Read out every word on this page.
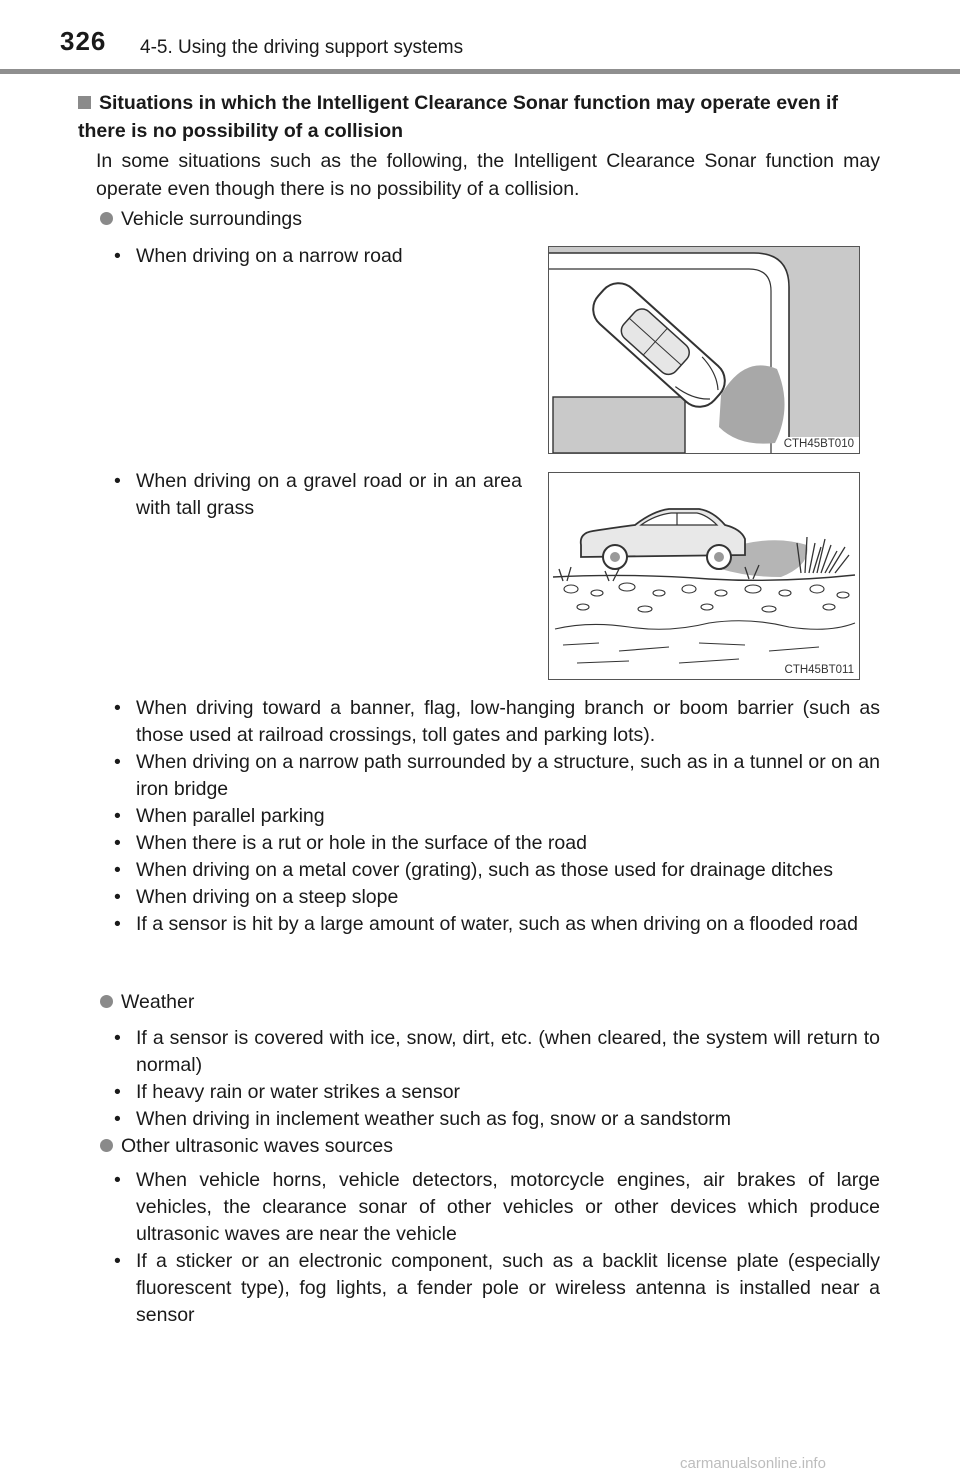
326 4-5. Using the driving support systems
Situations in which the Intelligent Clearance Sonar function may operate even if there is no possibility of a collision
In some situations such as the following, the Intelligent Clearance Sonar function may operate even though there is no possibility of a collision.
Vehicle surroundings
• When driving on a narrow road
CTH45BT010
• When driving on a gravel road or in an area with tall grass
CTH45BT011
• When driving toward a banner, flag, low-hanging branch or boom barrier (such as those used at railroad crossings, toll gates and parking lots).
• When driving on a narrow path surrounded by a structure, such as in a tunnel or on an iron bridge
• When parallel parking
• When there is a rut or hole in the surface of the road
• When driving on a metal cover (grating), such as those used for drainage ditches
• When driving on a steep slope
• If a sensor is hit by a large amount of water, such as when driving on a flooded road
Weather
• If a sensor is covered with ice, snow, dirt, etc. (when cleared, the system will return to normal)
• If heavy rain or water strikes a sensor
• When driving in inclement weather such as fog, snow or a sandstorm
Other ultrasonic waves sources
• When vehicle horns, vehicle detectors, motorcycle engines, air brakes of large vehicles, the clearance sonar of other vehicles or other devices which produce ultrasonic waves are near the vehicle
• If a sticker or an electronic component, such as a backlit license plate (especially fluorescent type), fog lights, a fender pole or wireless antenna is installed near a sensor
carmanualsonline.info
